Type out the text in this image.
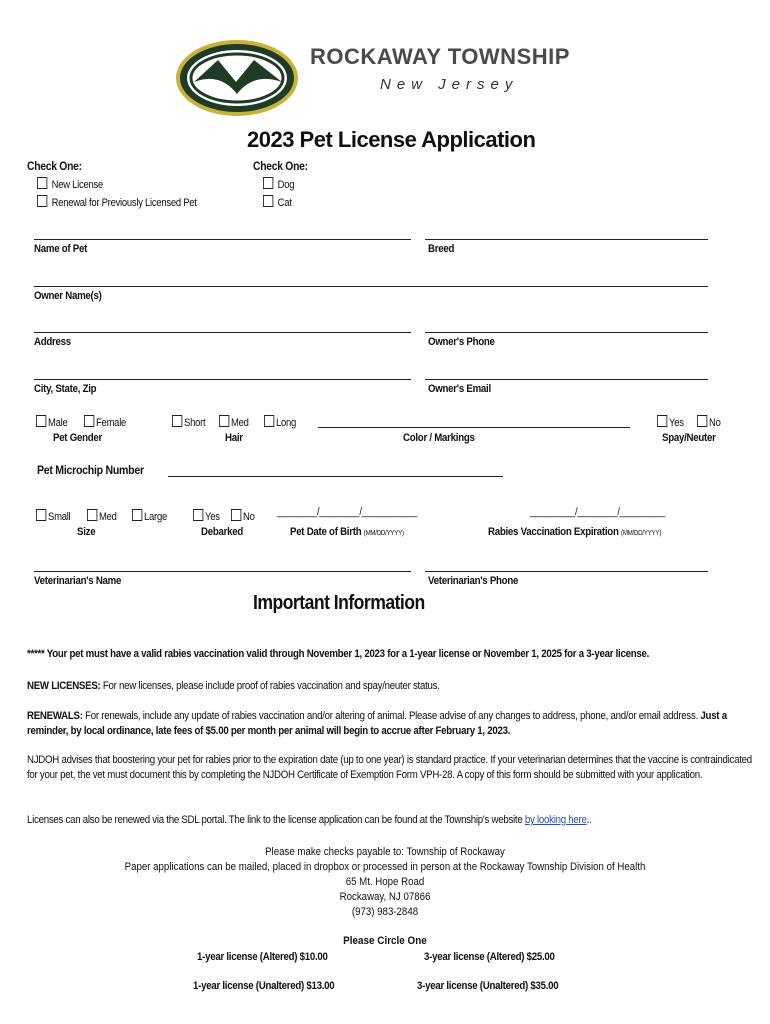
ROCKAWAY TOWNSHIP
New Jersey
2023 Pet License Application
Check One:
New License
Renewal for Previously Licensed Pet
Check One:
Dog
Cat
Name of Pet	Breed
Owner Name(s)
Address	Owner's Phone
City, State, Zip	Owner's Email
Male	Female
Pet Gender
Short	Med	Long
Hair	Color / Markings
Yes	No
Spay/Neuter
Pet Microchip Number
Small	Med	Large
Size
Yes	No
Debarked
________/________/___________
Pet Date of Birth (MM/DD/YYYY)
_________/________/_________
Rabies Vaccination Expiration (MM/DD/YYYY)
Veterinarian's Name	Veterinarian's Phone
Important Information
***** Your pet must have a valid rabies vaccination valid through November 1, 2023 for a 1-year license or November 1, 2025 for a 3-year license.
NEW LICENSES: For new licenses, please include proof of rabies vaccination and spay/neuter status.
RENEWALS: For renewals, include any update of rabies vaccination and/or altering of animal. Please advise of any changes to address, phone, and/or email address. Just a reminder, by local ordinance, late fees of $5.00 per month per animal will begin to accrue after February 1, 2023.
NJDOH advises that boostering your pet for rabies prior to the expiration date (up to one year) is standard practice. If your veterinarian determines that the vaccine is contraindicated for your pet, the vet must document this by completing the NJDOH Certificate of Exemption Form VPH-28. A copy of this form should be submitted with your application.
Licenses can also be renewed via the SDL portal. The link to the license application can be found at the Township's website by looking here..
Please make checks payable to: Township of Rockaway
Paper applications can be mailed, placed in dropbox or processed in person at the Rockaway Township Division of Health
65 Mt. Hope Road
Rockaway, NJ 07866
(973) 983-2848
Please Circle One
1-year license (Altered) $10.00	3-year license (Altered) $25.00
1-year license (Unaltered) $13.00	3-year license (Unaltered) $35.00
